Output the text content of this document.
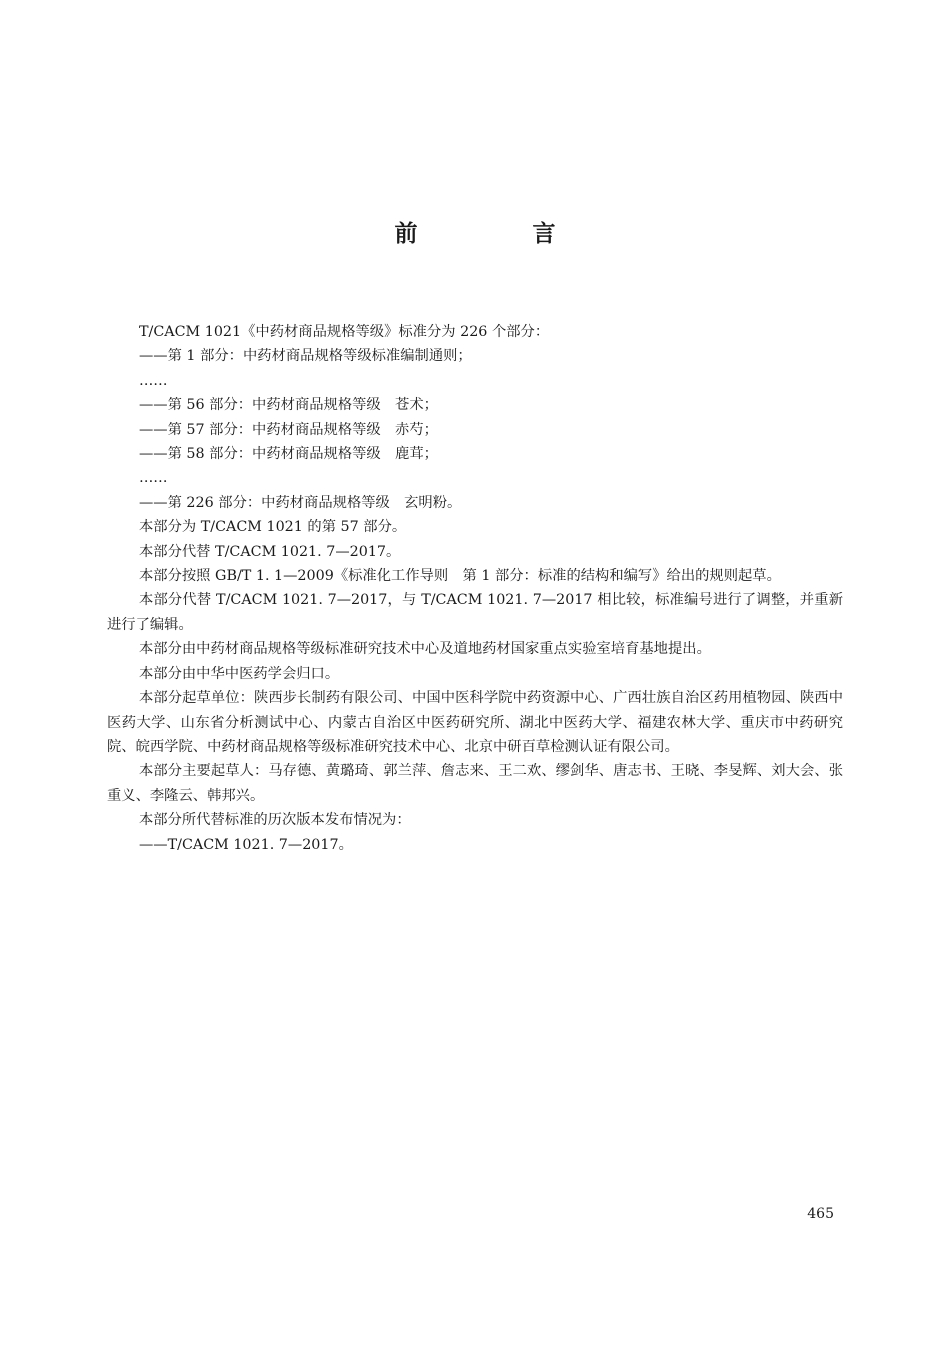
前　言

T/CACM 1021《中药材商品规格等级》标准分为 226 个部分：

——第 1 部分：中药材商品规格等级标准编制通则；

……

——第 56 部分：中药材商品规格等级　苍术；

——第 57 部分：中药材商品规格等级　赤芍；

——第 58 部分：中药材商品规格等级　鹿茸；

……

——第 226 部分：中药材商品规格等级　玄明粉。

本部分为 T/CACM 1021 的第 57 部分。

本部分代替 T/CACM 1021. 7—2017。

本部分按照 GB/T 1. 1—2009《标准化工作导则　第 1 部分：标准的结构和编写》给出的规则起草。

本部分代替 T/CACM 1021. 7—2017，与 T/CACM 1021. 7—2017 相比较，标准编号进行了调整，并重新进行了编辑。

本部分由中药材商品规格等级标准研究技术中心及道地药材国家重点实验室培育基地提出。

本部分由中华中医药学会归口。

本部分起草单位：陕西步长制药有限公司、中国中医科学院中药资源中心、广西壮族自治区药用植物园、陕西中医药大学、山东省分析测试中心、内蒙古自治区中医药研究所、湖北中医药大学、福建农林大学、重庆市中药研究院、皖西学院、中药材商品规格等级标准研究技术中心、北京中研百草检测认证有限公司。

本部分主要起草人：马存德、黄璐琦、郭兰萍、詹志来、王二欢、缪剑华、唐志书、王晓、李旻辉、刘大会、张重义、李隆云、韩邦兴。

本部分所代替标准的历次版本发布情况为：

——T/CACM 1021. 7—2017。

465
